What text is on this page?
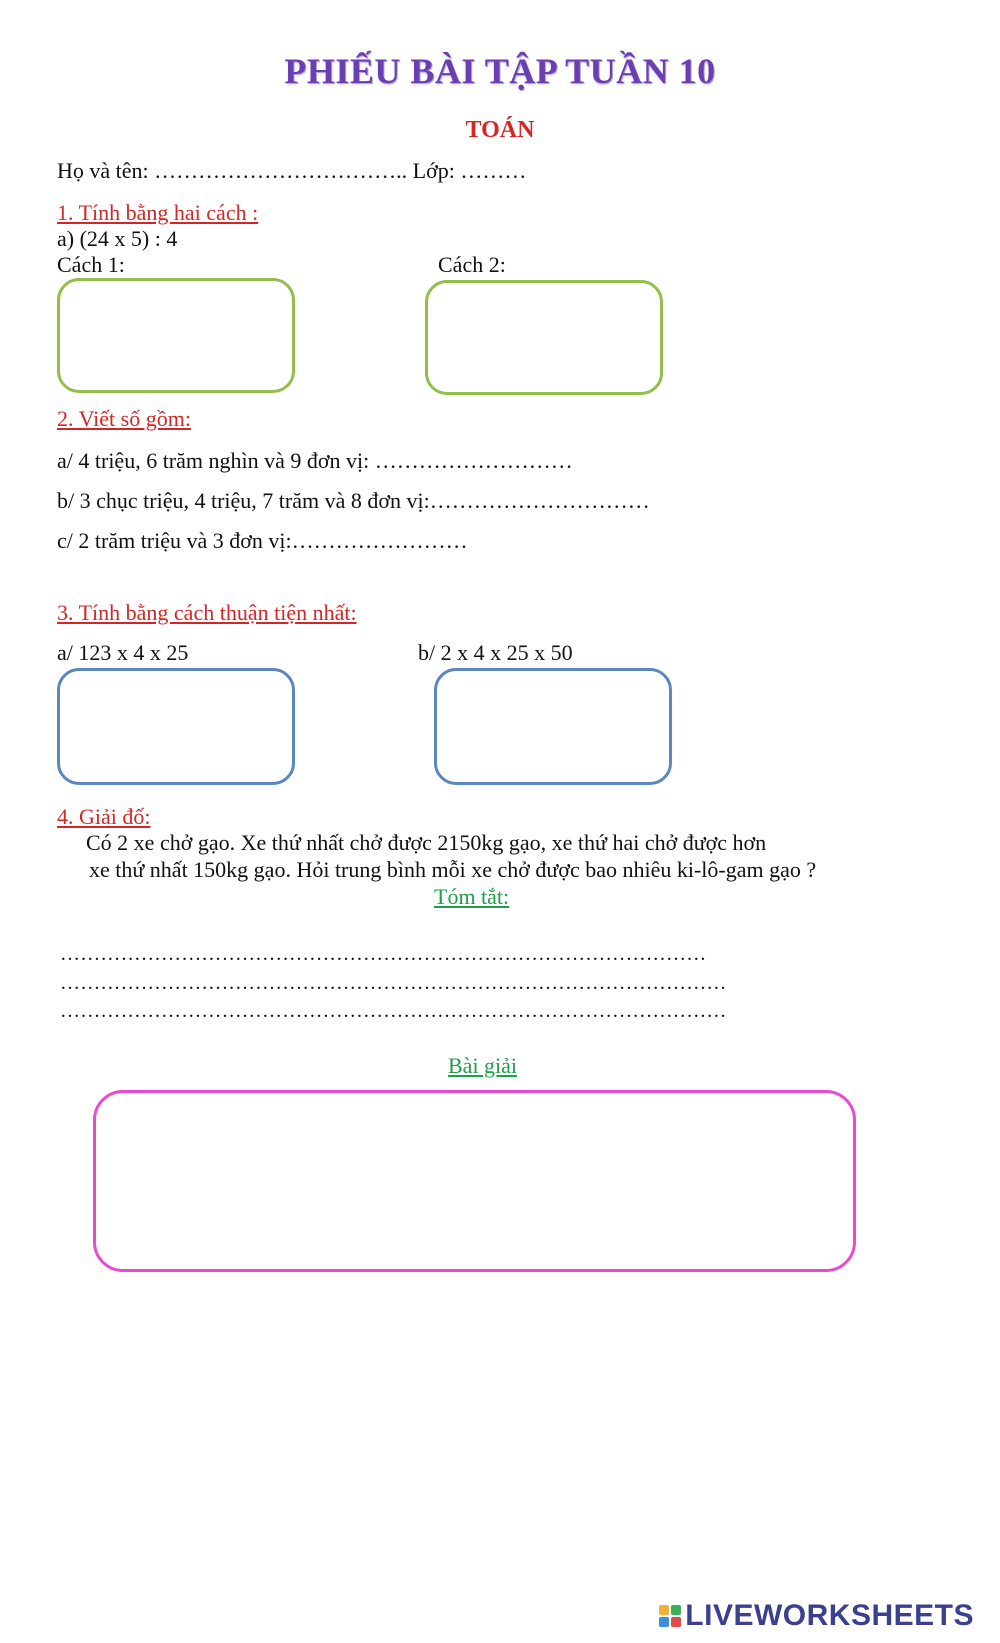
PHIẾU BÀI TẬP TUẦN 10
TOÁN
Họ và tên: …………………………….. Lớp: ………
1. Tính bằng hai cách :
a) (24 x 5) : 4
Cách 1:	Cách 2:
2. Viết số gồm:
a/ 4 triệu, 6 trăm nghìn và 9 đơn vị: ………………………
b/ 3 chục triệu, 4 triệu, 7 trăm và 8 đơn vị:…………………………
c/ 2 trăm triệu và 3 đơn vị:……………………
3. Tính bằng cách thuận tiện nhất:
a/ 123 x 4 x 25	b/ 2 x 4 x 25 x 50
4. Giải đố:
Có 2 xe chở gạo. Xe thứ nhất chở được 2150kg gạo, xe thứ hai chở được hơn
xe thứ nhất 150kg gạo. Hỏi trung bình mỗi xe chở được bao nhiêu ki-lô-gam gạo ?
Tóm tắt:
……………………………………………………………………………………
………………………………………………………………………………………
………………………………………………………………………………………
Bài giải
LIVEWORKSHEETS
